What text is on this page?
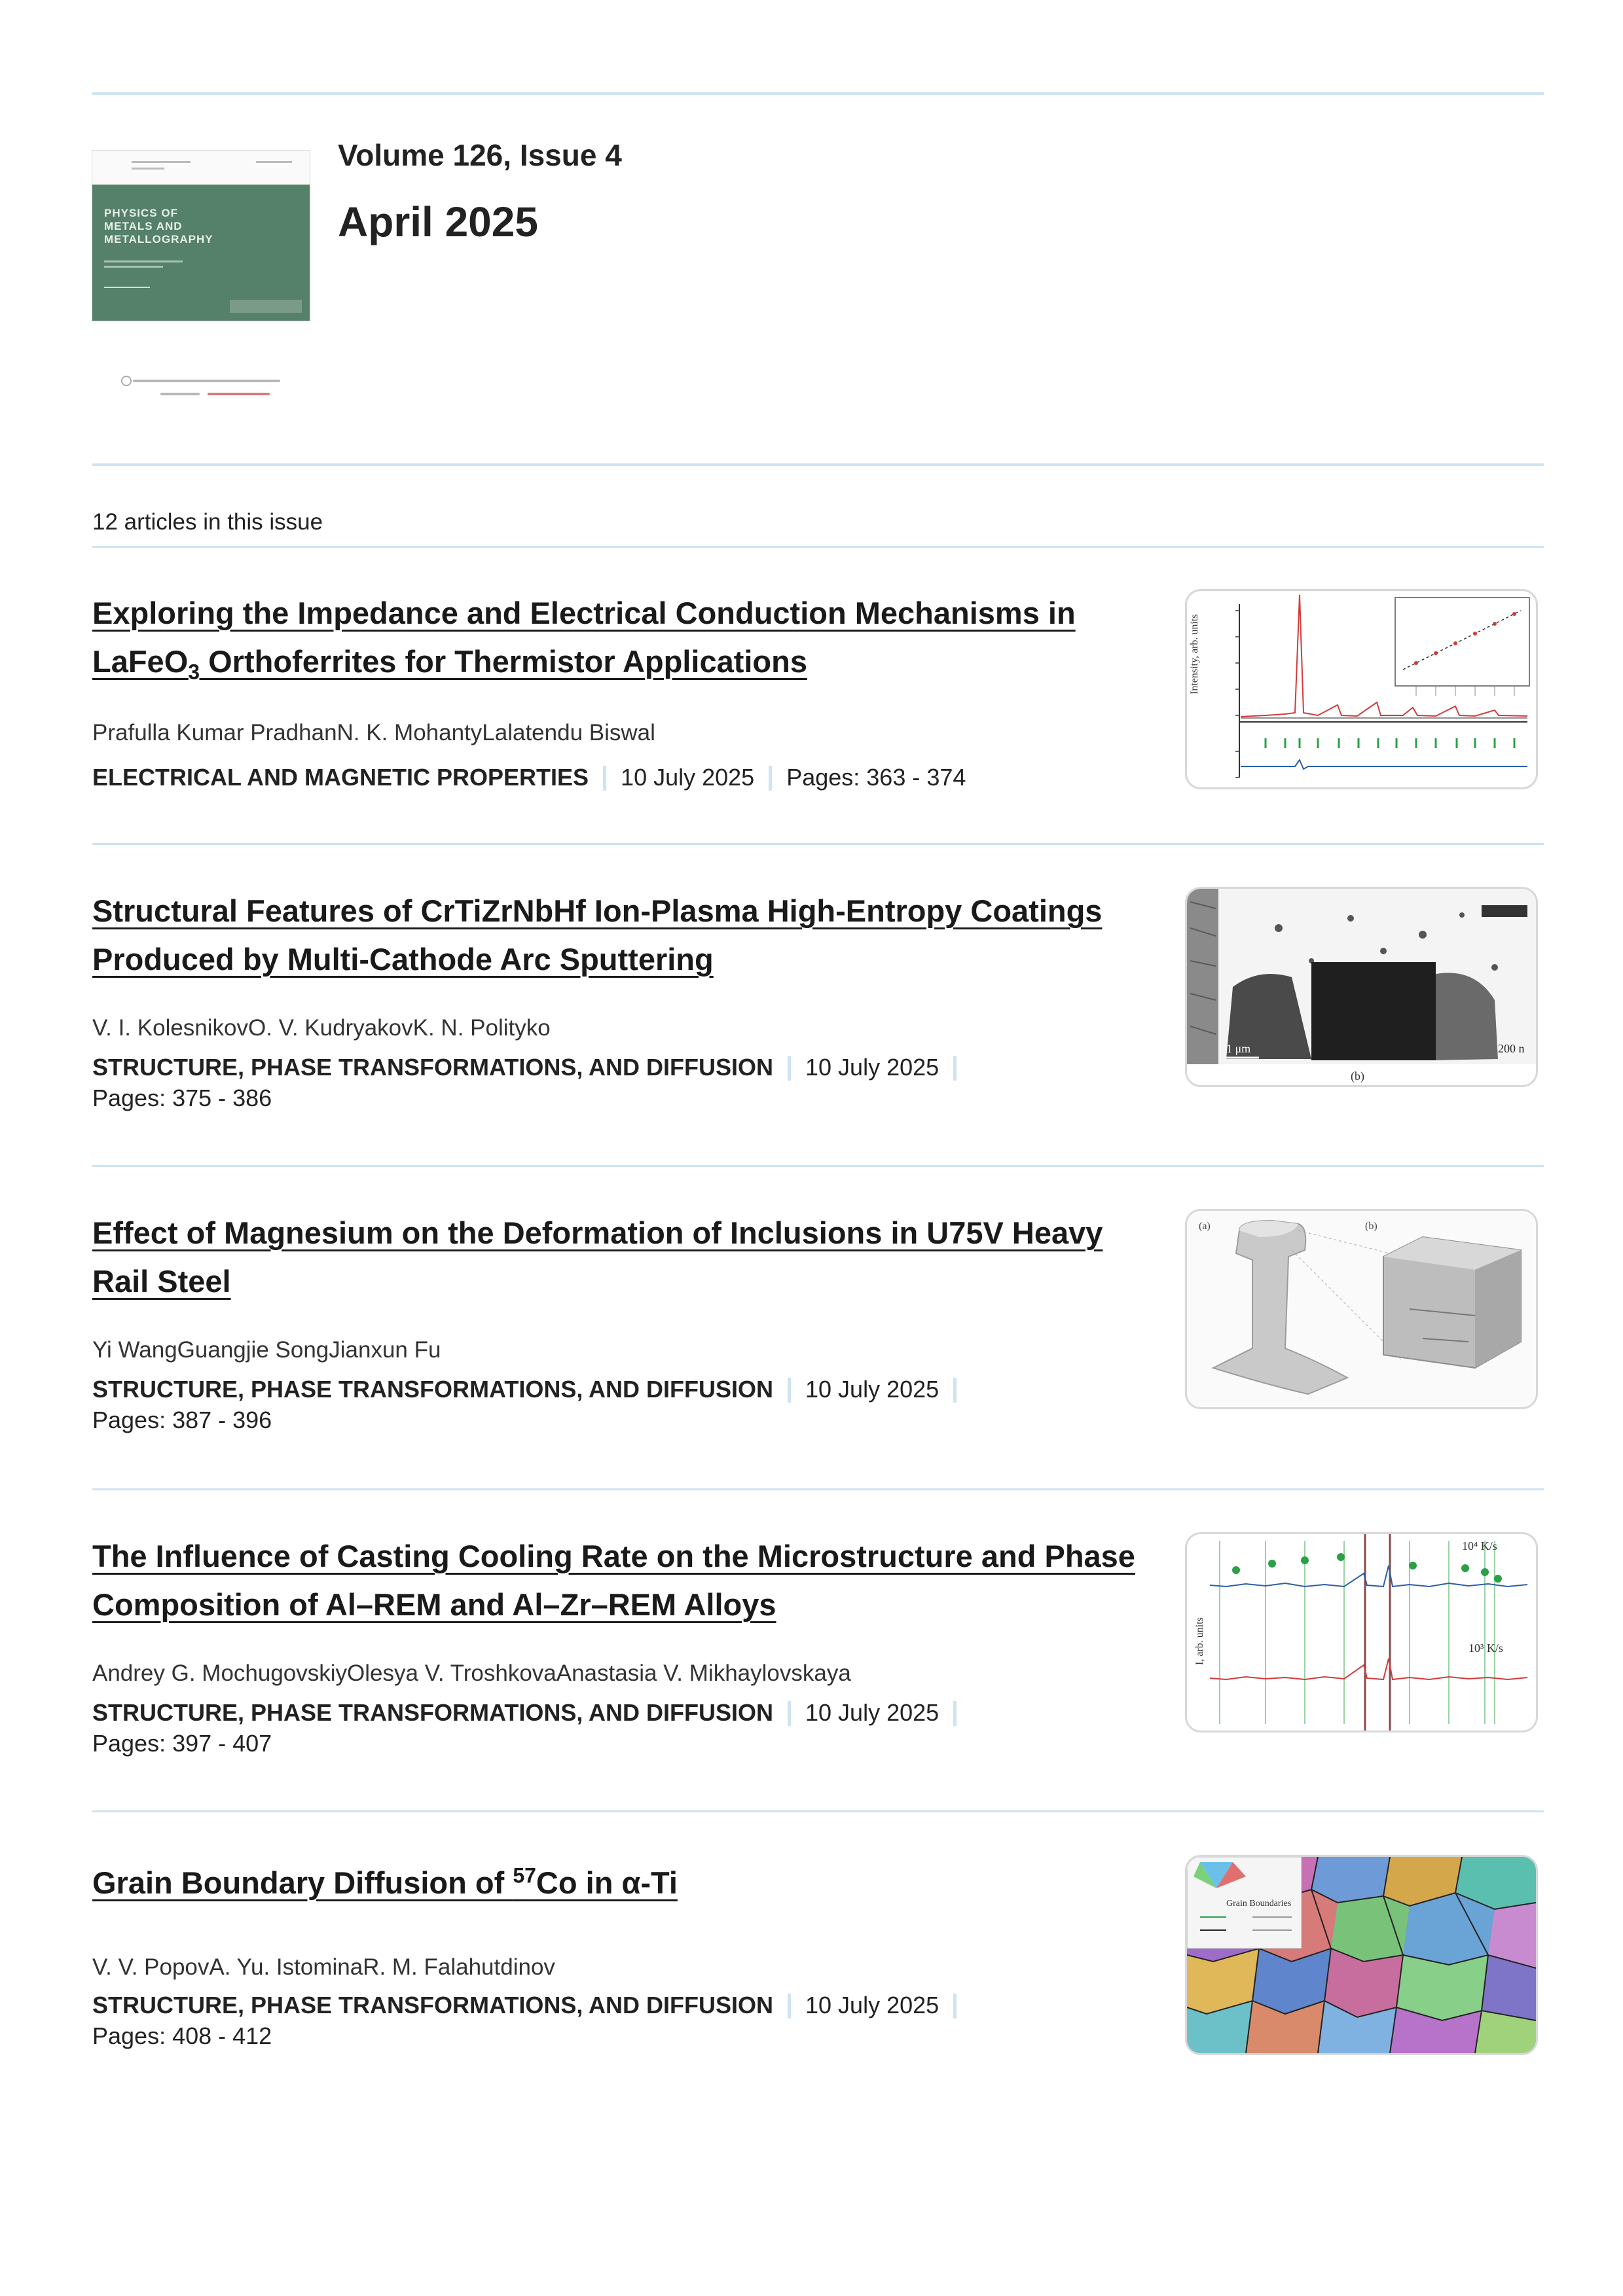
PHYSICS OF
METALS AND
METALLOGRAPHY
Volume 126, Issue 4
April 2025
12 articles in this issue
Exploring the Impedance and Electrical Conduction Mechanisms in LaFeO$_3$ Orthoferrites for Thermistor Applications
Prafulla Kumar PradhanN. K. MohantyLalatendu Biswal
ELECTRICAL AND MAGNETIC PROPERTIES 10 July 2025 Pages: 363 - 374
Intensity, arb. units
Structural Features of CrTiZrNbHf Ion-Plasma High-Entropy Coatings Produced by Multi-Cathode Arc Sputtering
V. I. KolesnikovO. V. KudryakovK. N. Polityko
STRUCTURE, PHASE TRANSFORMATIONS, AND DIFFUSION 10 July 2025
Pages: 375 - 386
1 μm
(b)
200 n
Effect of Magnesium on the Deformation of Inclusions in U75V Heavy Rail Steel
Yi WangGuangjie SongJianxun Fu
STRUCTURE, PHASE TRANSFORMATIONS, AND DIFFUSION 10 July 2025
Pages: 387 - 396
(a)	(b)
The Influence of Casting Cooling Rate on the Microstructure and Phase Composition of Al–REM and Al–Zr–REM Alloys
Andrey G. MochugovskiyOlesya V. TroshkovaAnastasia V. Mikhaylovskaya
STRUCTURE, PHASE TRANSFORMATIONS, AND DIFFUSION 10 July 2025
Pages: 397 - 407
I, arb. units
10⁴ K/s
10³ K/s
Grain Boundary Diffusion of $^{57}$Co in α-Ti
V. V. PopovA. Yu. IstominaR. M. Falahutdinov
STRUCTURE, PHASE TRANSFORMATIONS, AND DIFFUSION 10 July 2025
Pages: 408 - 412
Grain Boundaries
